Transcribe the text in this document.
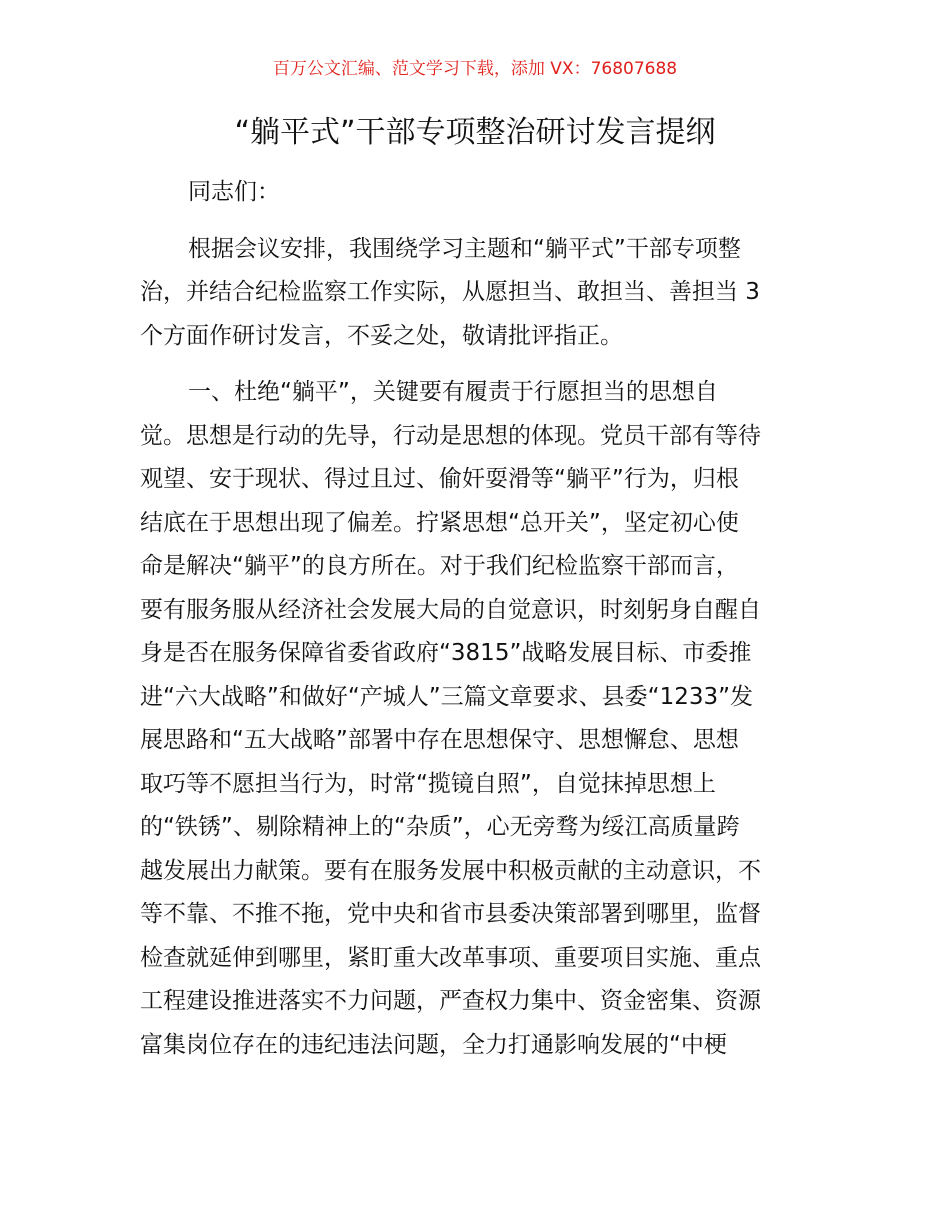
百万公文汇编、范文学习下载，添加 VX：76807688
“躺平式”干部专项整治研讨发言提纲
同志们：
根据会议安排，我围绕学习主题和“躺平式”干部专项整
治，并结合纪检监察工作实际，从愿担当、敢担当、善担当 3
个方面作研讨发言，不妥之处，敬请批评指正。
一、杜绝“躺平”，关键要有履责于行愿担当的思想自
觉。思想是行动的先导，行动是思想的体现。党员干部有等待
观望、安于现状、得过且过、偷奸耍滑等“躺平”行为，归根
结底在于思想出现了偏差。拧紧思想“总开关”，坚定初心使
命是解决“躺平”的良方所在。对于我们纪检监察干部而言，
要有服务服从经济社会发展大局的自觉意识，时刻躬身自醒自
身是否在服务保障省委省政府“3815”战略发展目标、市委推
进“六大战略”和做好“产城人”三篇文章要求、县委“1233”发
展思路和“五大战略”部署中存在思想保守、思想懈怠、思想
取巧等不愿担当行为，时常“揽镜自照”，自觉抹掉思想上
的“铁锈”、剔除精神上的“杂质”，心无旁骛为绥江高质量跨
越发展出力献策。要有在服务发展中积极贡献的主动意识，不
等不靠、不推不拖，党中央和省市县委决策部署到哪里，监督
检查就延伸到哪里，紧盯重大改革事项、重要项目实施、重点
工程建设推进落实不力问题，严查权力集中、资金密集、资源
富集岗位存在的违纪违法问题，全力打通影响发展的“中梗
